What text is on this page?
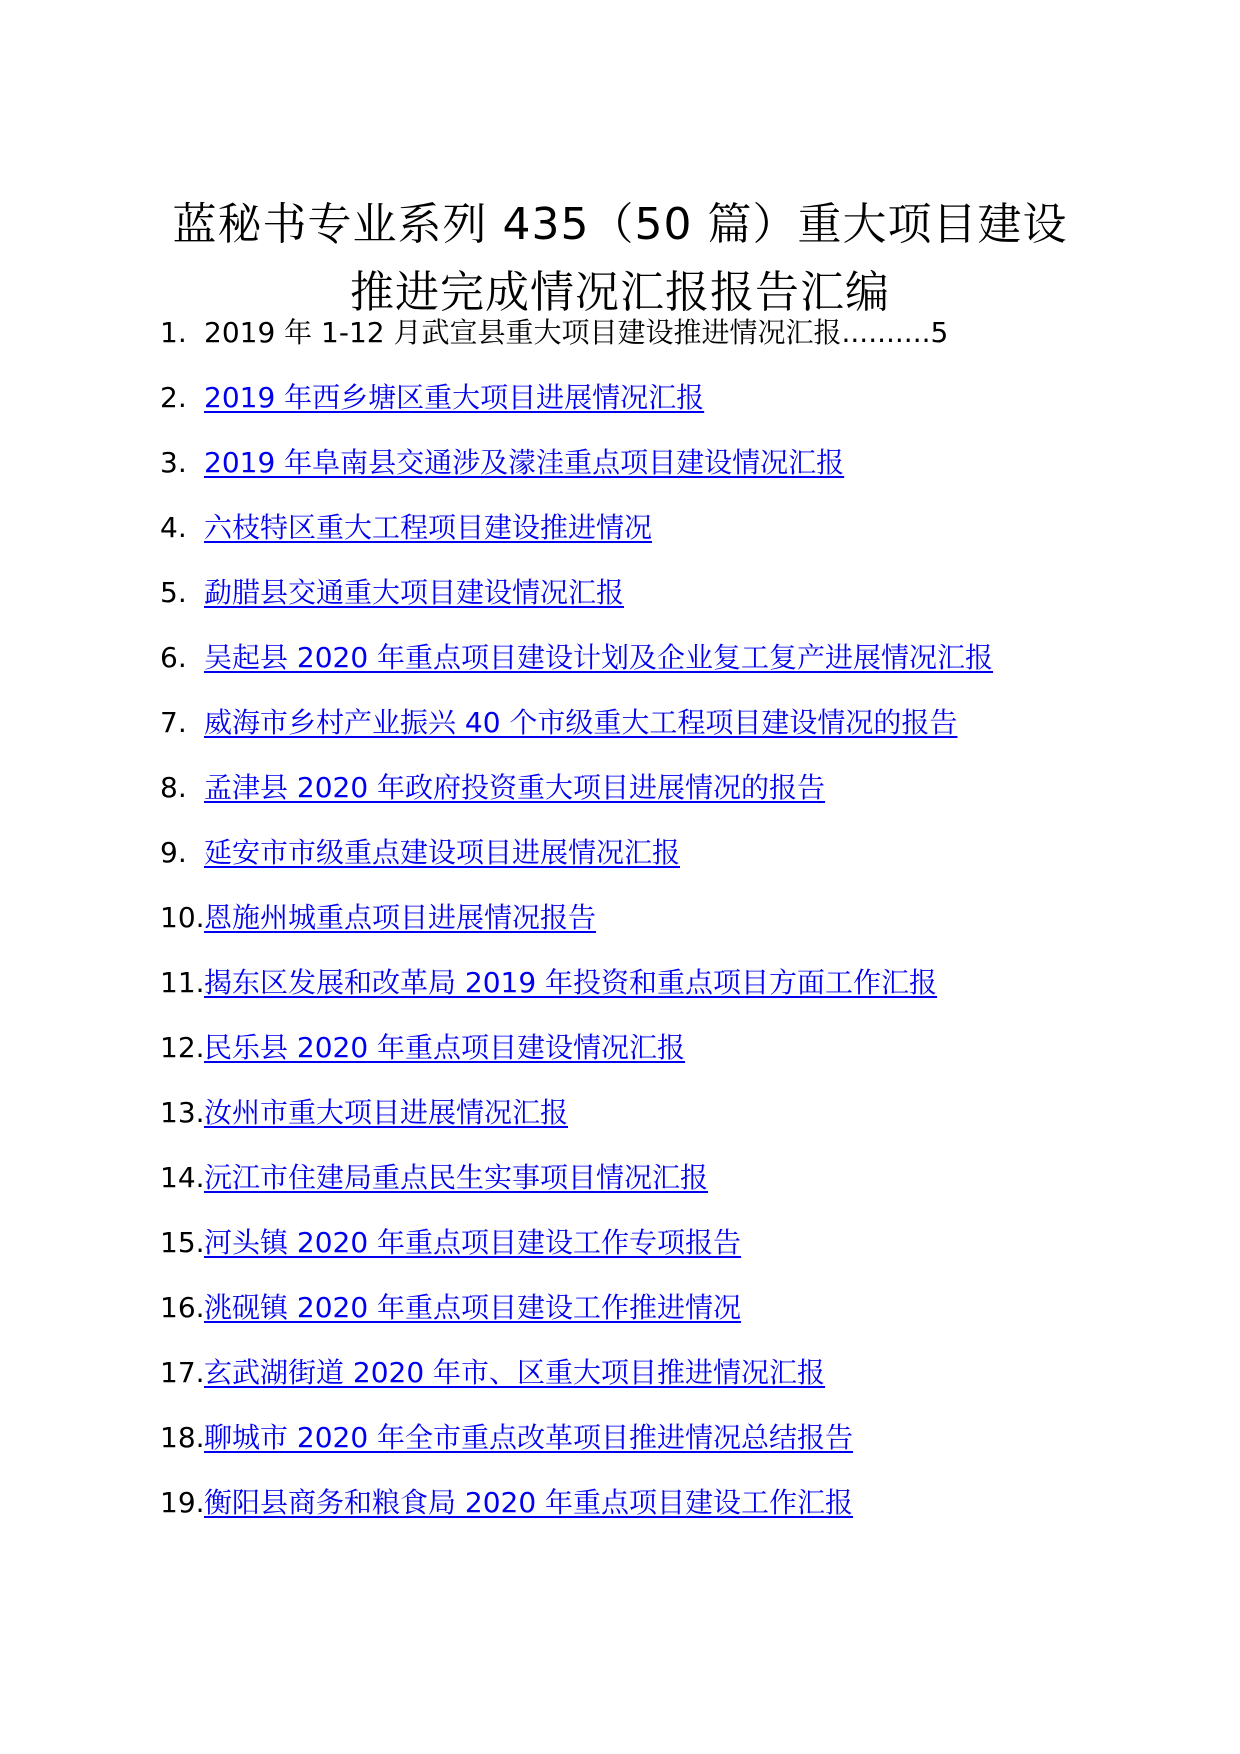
蓝秘书专业系列 435（50 篇）重大项目建设
推进完成情况汇报报告汇编
1. 2019 年 1-12 月武宣县重大项目建设推进情况汇报..........5
2. 2019 年西乡塘区重大项目进展情况汇报
3. 2019 年阜南县交通涉及濛洼重点项目建设情况汇报
4. 六枝特区重大工程项目建设推进情况
5. 勐腊县交通重大项目建设情况汇报
6. 吴起县 2020 年重点项目建设计划及企业复工复产进展情况汇报
7. 威海市乡村产业振兴 40 个市级重大工程项目建设情况的报告
8. 孟津县 2020 年政府投资重大项目进展情况的报告
9. 延安市市级重点建设项目进展情况汇报
10. 恩施州城重点项目进展情况报告
11. 揭东区发展和改革局 2019 年投资和重点项目方面工作汇报
12. 民乐县 2020 年重点项目建设情况汇报
13. 汝州市重大项目进展情况汇报
14. 沅江市住建局重点民生实事项目情况汇报
15. 河头镇 2020 年重点项目建设工作专项报告
16. 洮砚镇 2020 年重点项目建设工作推进情况
17. 玄武湖街道 2020 年市、区重大项目推进情况汇报
18. 聊城市 2020 年全市重点改革项目推进情况总结报告
19. 衡阳县商务和粮食局 2020 年重点项目建设工作汇报
